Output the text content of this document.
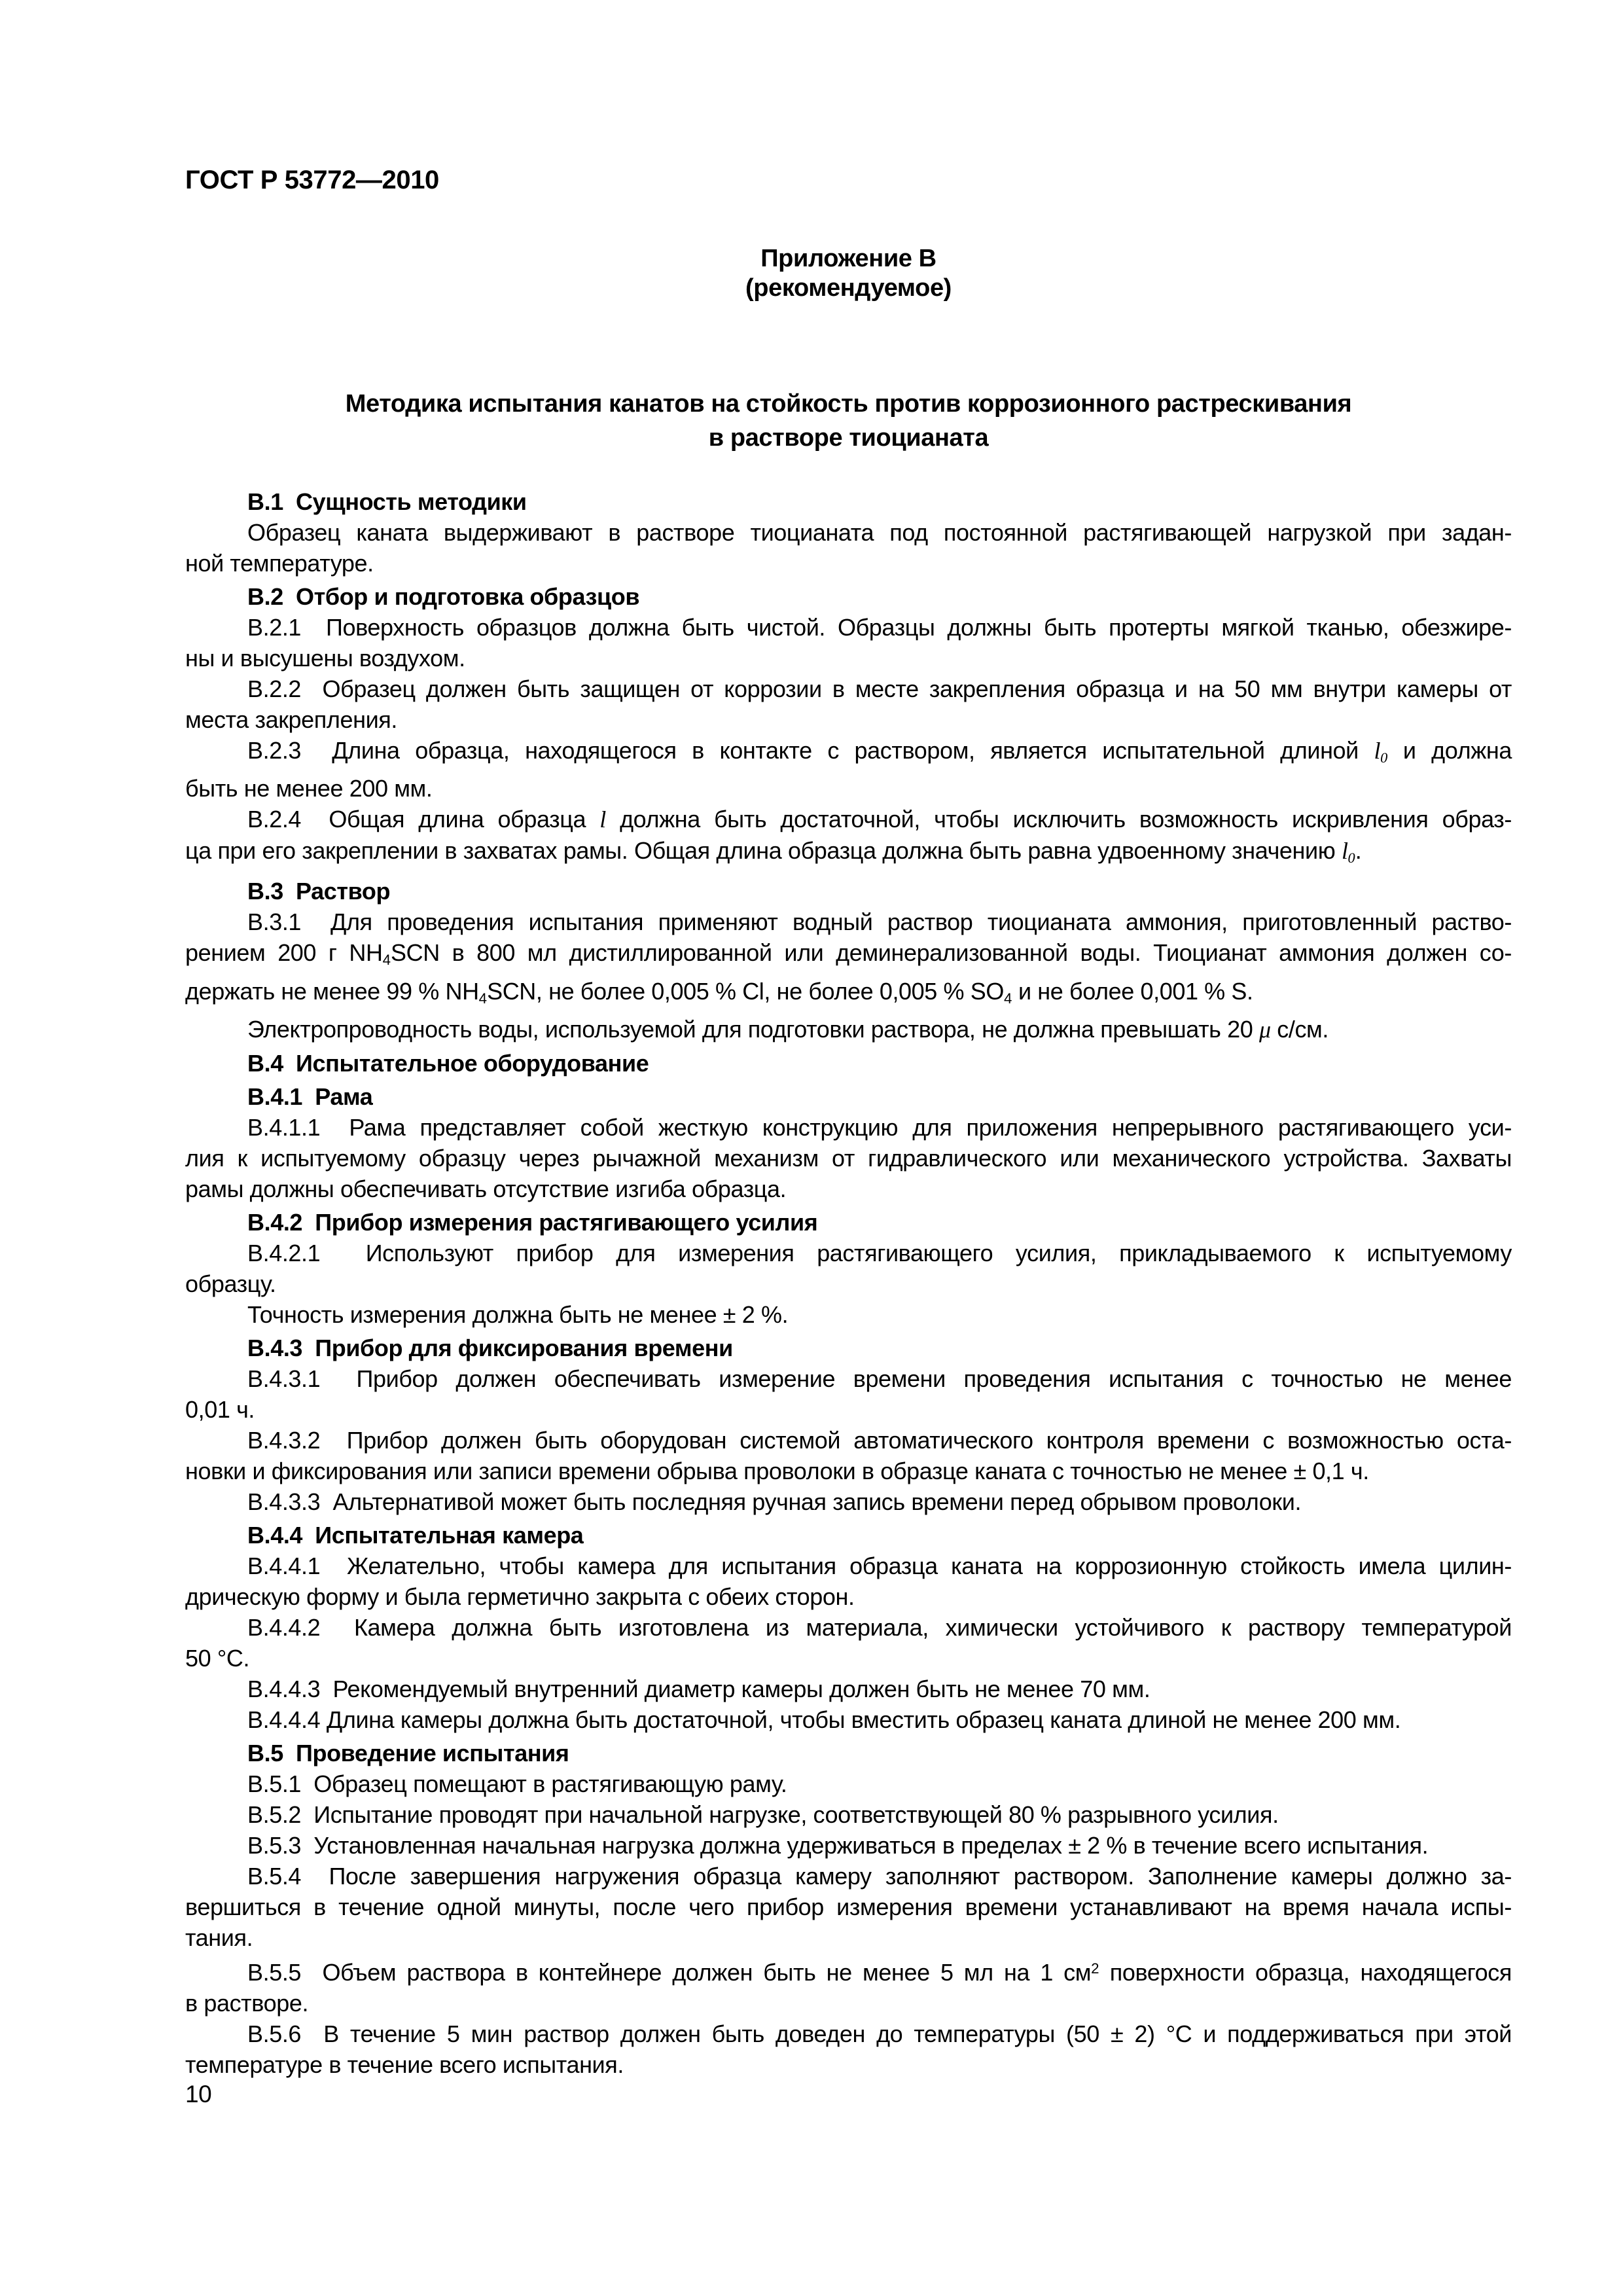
ГОСТ Р 53772—2010
Приложение В
(рекомендуемое)
Методика испытания канатов на стойкость против коррозионного растрескивания
в растворе тиоцианата
В.1  Сущность методики
Образец каната выдерживают в растворе тиоцианата под постоянной растягивающей нагрузкой при задан-
ной температуре.
В.2  Отбор и подготовка образцов
В.2.1  Поверхность образцов должна быть чистой. Образцы должны быть протерты мягкой тканью, обезжире-
ны и высушены воздухом.
В.2.2  Образец должен быть защищен от коррозии в месте закрепления образца и на 50 мм внутри камеры от
места закрепления.
В.2.3  Длина образца, находящегося в контакте с раствором, является испытательной длиной $l_0$ и должна
быть не менее 200 мм.
В.2.4  Общая длина образца l должна быть достаточной, чтобы исключить возможность искривления образ-
ца при его закреплении в захватах рамы. Общая длина образца должна быть равна удвоенному значению $l_0$.
В.3  Раствор
В.3.1  Для проведения испытания применяют водный раствор тиоцианата аммония, приготовленный раство-
рением 200 г $NH_4SCN$ в 800 мл дистиллированной или деминерализованной воды. Тиоцианат аммония должен со-
держать не менее 99 % $NH_4SCN$, не более 0,005 % Cl, не более 0,005 % $SO_4$ и не более 0,001 % S.
Электропроводность воды, используемой для подготовки раствора, не должна превышать 20 μ с/см.
В.4  Испытательное оборудование
В.4.1  Рама
В.4.1.1  Рама представляет собой жесткую конструкцию для приложения непрерывного растягивающего уси-
лия к испытуемому образцу через рычажной механизм от гидравлического или механического устройства. Захваты
рамы должны обеспечивать отсутствие изгиба образца.
В.4.2  Прибор измерения растягивающего усилия
В.4.2.1  Используют прибор для измерения растягивающего усилия, прикладываемого к испытуемому
образцу.
Точность измерения должна быть не менее ± 2 %.
В.4.3  Прибор для фиксирования времени
В.4.3.1  Прибор должен обеспечивать измерение времени проведения испытания с точностью не менее
0,01 ч.
В.4.3.2  Прибор должен быть оборудован системой автоматического контроля времени с возможностью оста-
новки и фиксирования или записи времени обрыва проволоки в образце каната с точностью не менее ± 0,1 ч.
В.4.3.3  Альтернативой может быть последняя ручная запись времени перед обрывом проволоки.
В.4.4  Испытательная камера
В.4.4.1  Желательно, чтобы камера для испытания образца каната на коррозионную стойкость имела цилин-
дрическую форму и была герметично закрыта с обеих сторон.
В.4.4.2  Камера должна быть изготовлена из материала, химически устойчивого к раствору температурой
50 °С.
В.4.4.3  Рекомендуемый внутренний диаметр камеры должен быть не менее 70 мм.
В.4.4.4 Длина камеры должна быть достаточной, чтобы вместить образец каната длиной не менее 200 мм.
В.5  Проведение испытания
В.5.1  Образец помещают в растягивающую раму.
В.5.2  Испытание проводят при начальной нагрузке, соответствующей 80 % разрывного усилия.
В.5.3  Установленная начальная нагрузка должна удерживаться в пределах ± 2 % в течение всего испытания.
В.5.4  После завершения нагружения образца камеру заполняют раствором. Заполнение камеры должно за-
вершиться в течение одной минуты, после чего прибор измерения времени устанавливают на время начала испы-
тания.
В.5.5  Объем раствора в контейнере должен быть не менее 5 мл на 1 $см^2$ поверхности образца, находящегося
в растворе.
В.5.6  В течение 5 мин раствор должен быть доведен до температуры (50 ± 2) °С и поддерживаться при этой
температуре в течение всего испытания.
10
